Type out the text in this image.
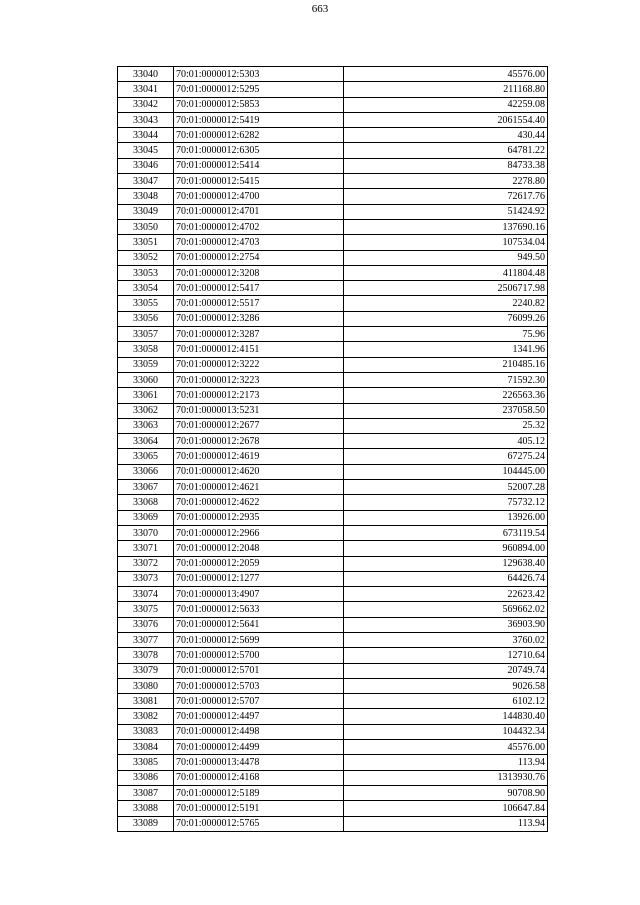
663
33040	70:01:0000012:5303	45576.00
33041	70:01:0000012:5295	211168.80
33042	70:01:0000012:5853	42259.08
33043	70:01:0000012:5419	2061554.40
33044	70:01:0000012:6282	430.44
33045	70:01:0000012:6305	64781.22
33046	70:01:0000012:5414	84733.38
33047	70:01:0000012:5415	2278.80
33048	70:01:0000012:4700	72617.76
33049	70:01:0000012:4701	51424.92
33050	70:01:0000012:4702	137690.16
33051	70:01:0000012:4703	107534.04
33052	70:01:0000012:2754	949.50
33053	70:01:0000012:3208	411804.48
33054	70:01:0000012:5417	2506717.98
33055	70:01:0000012:5517	2240.82
33056	70:01:0000012:3286	76099.26
33057	70:01:0000012:3287	75.96
33058	70:01:0000012:4151	1341.96
33059	70:01:0000012:3222	210485.16
33060	70:01:0000012:3223	71592.30
33061	70:01:0000012:2173	226563.36
33062	70:01:0000013:5231	237058.50
33063	70:01:0000012:2677	25.32
33064	70:01:0000012:2678	405.12
33065	70:01:0000012:4619	67275.24
33066	70:01:0000012:4620	104445.00
33067	70:01:0000012:4621	52007.28
33068	70:01:0000012:4622	75732.12
33069	70:01:0000012:2935	13926.00
33070	70:01:0000012:2966	673119.54
33071	70:01:0000012:2048	960894.00
33072	70:01:0000012:2059	129638.40
33073	70:01:0000012:1277	64426.74
33074	70:01:0000013:4907	22623.42
33075	70:01:0000012:5633	569662.02
33076	70:01:0000012:5641	36903.90
33077	70:01:0000012:5699	3760.02
33078	70:01:0000012:5700	12710.64
33079	70:01:0000012:5701	20749.74
33080	70:01:0000012:5703	9026.58
33081	70:01:0000012:5707	6102.12
33082	70:01:0000012:4497	144830.40
33083	70:01:0000012:4498	104432.34
33084	70:01:0000012:4499	45576.00
33085	70:01:0000013:4478	113.94
33086	70:01:0000012:4168	1313930.76
33087	70:01:0000012:5189	90708.90
33088	70:01:0000012:5191	106647.84
33089	70:01:0000012:5765	113.94
